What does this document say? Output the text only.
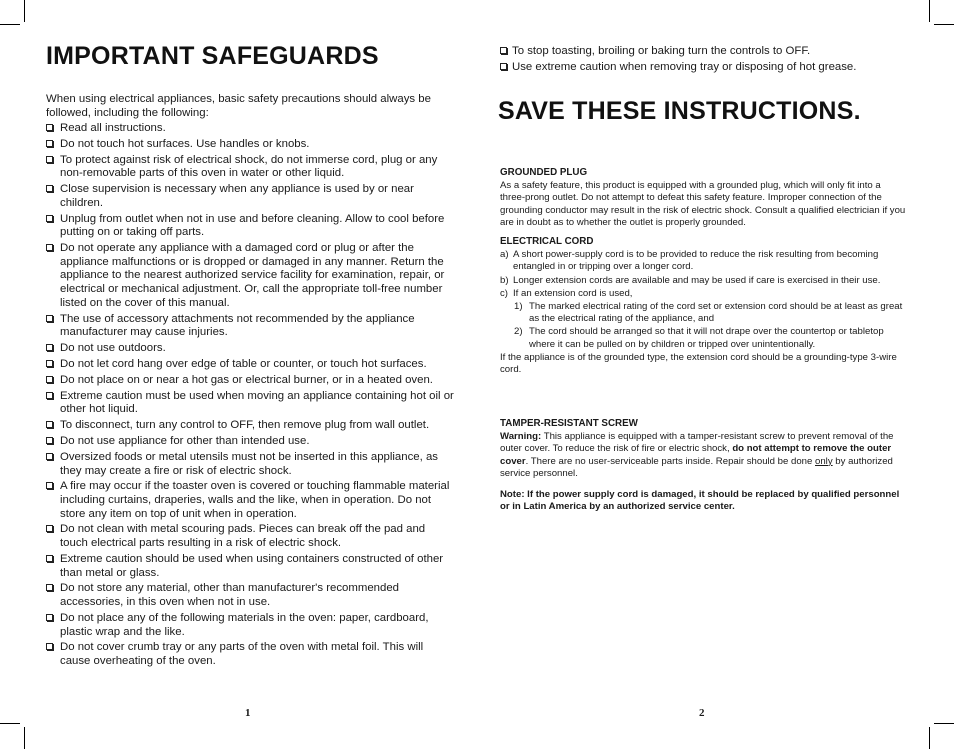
IMPORTANT SAFEGUARDS
When using electrical appliances, basic safety precautions should always be followed, including the following:
Read all instructions.
Do not touch hot surfaces. Use handles or knobs.
To protect against risk of electrical shock, do not immerse cord, plug or any non-removable parts of this oven in water or other liquid.
Close supervision is necessary when any appliance is used by or near children.
Unplug from outlet when not in use and before cleaning. Allow to cool before putting on or taking off parts.
Do not operate any appliance with a damaged cord or plug or after the appliance malfunctions or is dropped or damaged in any manner. Return the appliance to the nearest authorized service facility for examination, repair, or electrical or mechanical adjustment. Or, call the appropriate toll-free number listed on the cover of this manual.
The use of accessory attachments not recommended by the appliance manufacturer may cause injuries.
Do not use outdoors.
Do not let cord hang over edge of table or counter, or touch hot surfaces.
Do not place on or near a hot gas or electrical burner, or in a heated oven.
Extreme caution must be used when moving an appliance containing hot oil or other hot liquid.
To disconnect, turn any control to OFF, then remove plug from wall outlet.
Do not use appliance for other than intended use.
Oversized foods or metal utensils must not be inserted in this appliance, as they may create a fire or risk of electric shock.
A fire may occur if the toaster oven is covered or touching flammable material including curtains, draperies, walls and the like, when in operation. Do not store any item on top of unit when in operation.
Do not clean with metal scouring pads. Pieces can break off the pad and touch electrical parts resulting in a risk of electric shock.
Extreme caution should be used when using containers constructed of other than metal or glass.
Do not store any material, other than manufacturer's recommended accessories, in this oven when not in use.
Do not place any of the following materials in the oven: paper, cardboard, plastic wrap and the like.
Do not cover crumb tray or any parts of the oven with metal foil. This will cause overheating of the oven.
1
To stop toasting, broiling or baking turn the controls to OFF.
Use extreme caution when removing tray or disposing of hot grease.
SAVE THESE INSTRUCTIONS.
GROUNDED PLUG

As a safety feature, this product is equipped with a grounded plug, which will only fit into a three-prong outlet. Do not attempt to defeat this safety feature. Improper connection of the grounding conductor may result in the risk of electric shock. Consult a qualified electrician if you are in doubt as to whether the outlet is properly grounded.

ELECTRICAL CORD

a) A short power-supply cord is to be provided to reduce the risk resulting from becoming entangled in or tripping over a longer cord.

b) Longer extension cords are available and may be used if care is exercised in their use.

c) If an extension cord is used,

1) The marked electrical rating of the cord set or extension cord should be at least as great as the electrical rating of the appliance, and

2) The cord should be arranged so that it will not drape over the countertop or tabletop where it can be pulled on by children or tripped over unintentionally.

If the appliance is of the grounded type, the extension cord should be a grounding-type 3-wire cord.

TAMPER-RESISTANT SCREW

Warning: This appliance is equipped with a tamper-resistant screw to prevent removal of the outer cover. To reduce the risk of fire or electric shock, do not attempt to remove the outer cover. There are no user-serviceable parts inside. Repair should be done only by authorized service personnel.

Note: If the power supply cord is damaged, it should be replaced by qualified personnel or in Latin America by an authorized service center.
2
